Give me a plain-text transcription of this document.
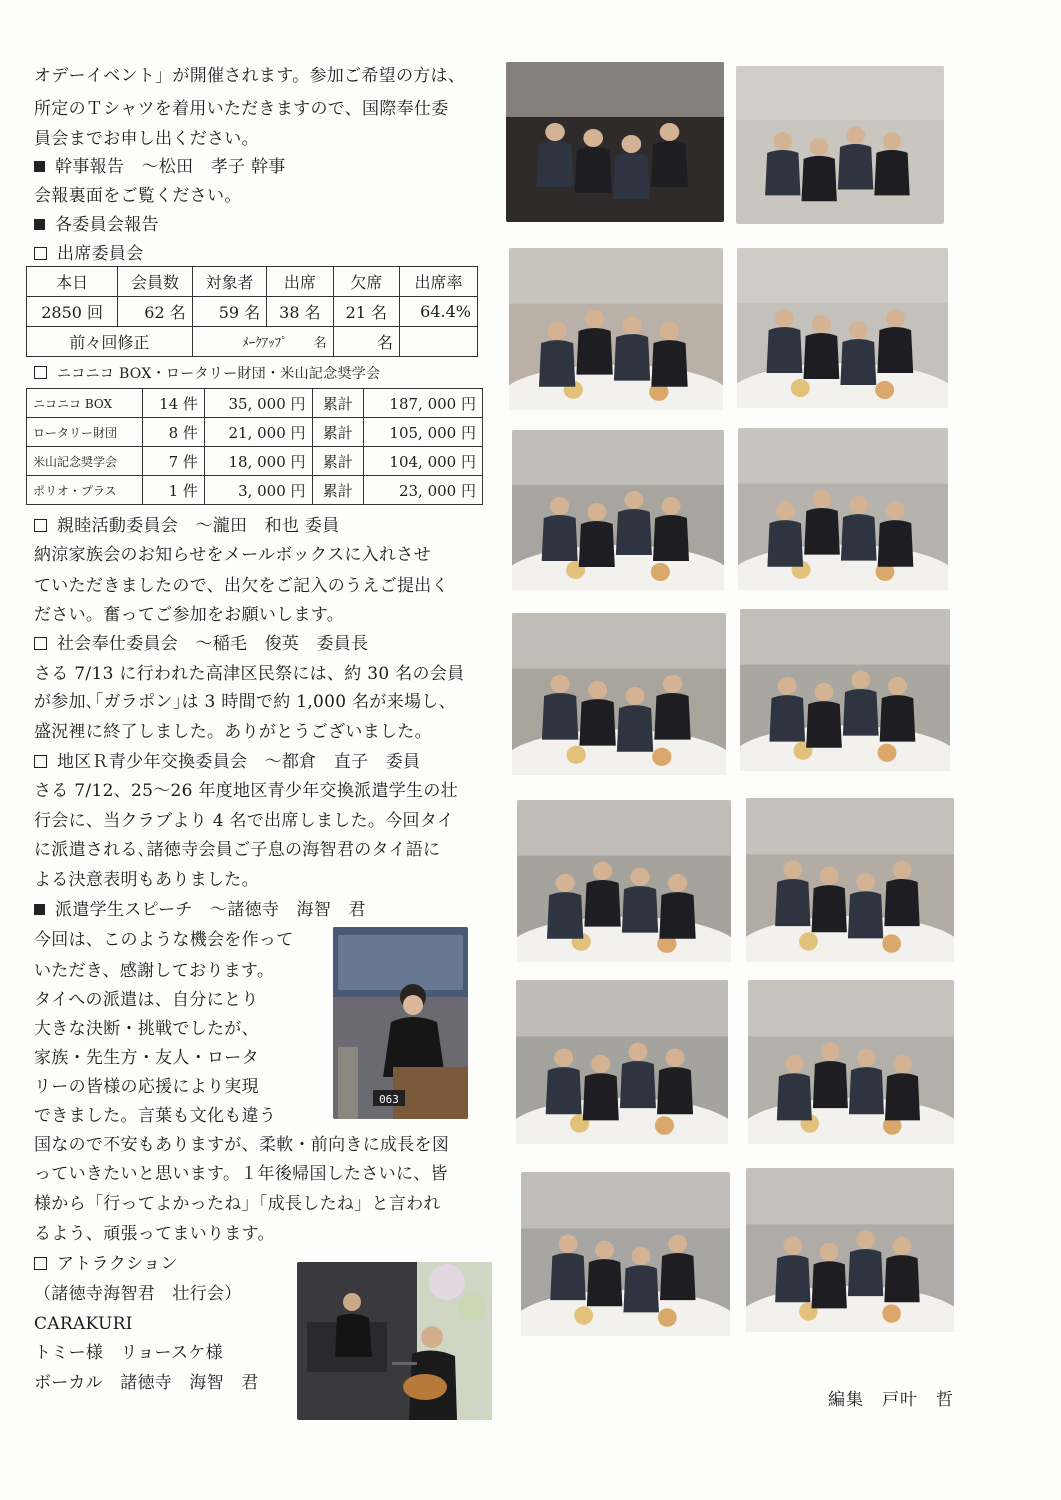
オデーイベント」が開催されます。参加ご希望の方は、
所定のＴシャツを着用いただきますので、国際奉仕委
員会までお申し出ください。
幹事報告　～松田　孝子 幹事
会報裏面をご覧ください。
各委員会報告
出席委員会
本日	会員数	対象者	出席	欠席	出席率
2850 回	62 名	59 名	38 名	21 名	64.4%
前々回修正		ﾒｰｸｱｯﾌﾟ　　名		名	
ニコニコ BOX・ロータリー財団・米山記念奨学会
ニコニコ BOX	14 件	35, 000 円	累計	187, 000 円
ロータリー財団	8 件	21, 000 円	累計	105, 000 円
米山記念奨学会	7 件	18, 000 円	累計	104, 000 円
ポリオ・プラス	1 件	3, 000 円	累計	23, 000 円
親睦活動委員会　～瀧田　和也 委員
納涼家族会のお知らせをメールボックスに入れさせ
ていただきましたので、出欠をご記入のうえご提出く
ださい。奮ってご参加をお願いします。
社会奉仕委員会　～稲毛　俊英　委員長
さる 7/13 に行われた高津区民祭には、約 30 名の会員
が参加､｢ガラポン｣は 3 時間で約 1,000 名が来場し、
盛況裡に終了しました。ありがとうございました。
地区Ｒ青少年交換委員会　～都倉　直子　委員
さる 7/12、25～26 年度地区青少年交換派遣学生の壮
行会に、当クラブより 4 名で出席しました。今回タイ
に派遣される､諸徳寺会員ご子息の海智君のタイ語に
よる決意表明もありました。
派遣学生スピーチ　～諸徳寺　海智　君
今回は、このような機会を作って
いただき、感謝しております。
タイへの派遣は、自分にとり
大きな決断・挑戦でしたが、
家族・先生方・友人・ロータ
リーの皆様の応援により実現
できました。言葉も文化も違う
国なので不安もありますが、柔軟・前向きに成長を図
っていきたいと思います。１年後帰国したさいに、皆
様から「行ってよかったね」「成長したね」と言われ
るよう、頑張ってまいります。
アトラクション
（諸徳寺海智君　壮行会）
CARAKURI
トミー様　リョースケ様
ボーカル　諸徳寺　海智　君
063
編集　戸叶　哲
